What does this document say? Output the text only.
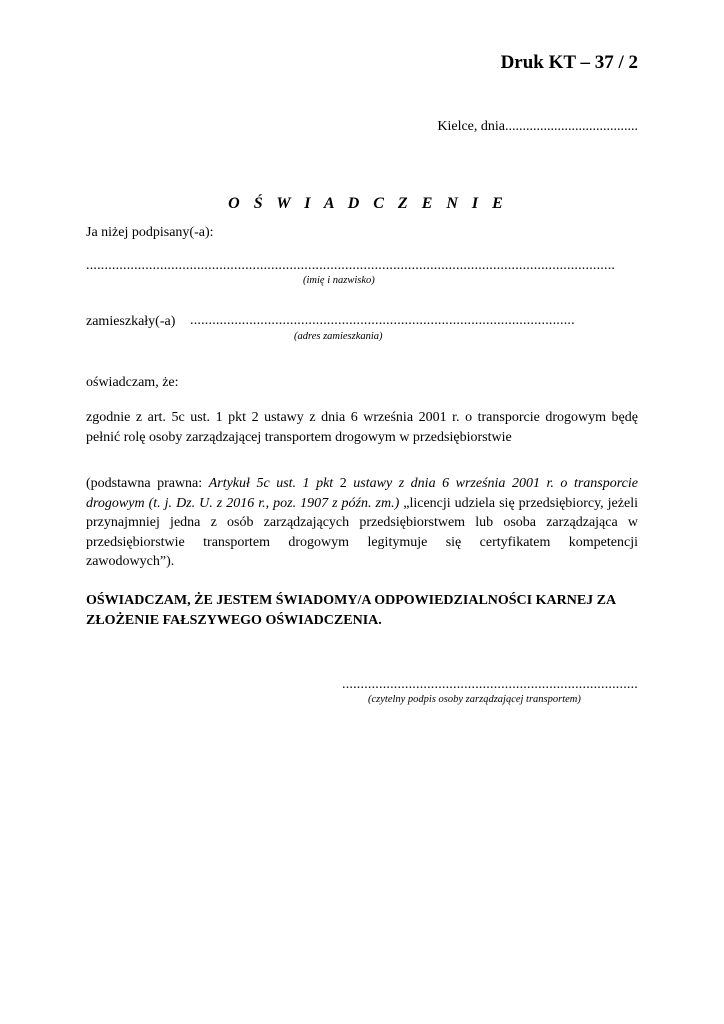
Druk KT – 37 / 2
Kielce, dnia......................................
O Ś W I A D C Z E N I E
Ja niżej podpisany(-a):
...............................................................................................................................................
(imię i nazwisko)
zamieszkały(-a) ........................................................................................................
(adres zamieszkania)
oświadczam, że:
zgodnie z art. 5c ust. 1 pkt 2 ustawy z dnia 6 września 2001 r. o transporcie drogowym będę pełnić rolę osoby zarządzającej transportem drogowym w przedsiębiorstwie
(podstawna prawna: Artykuł 5c ust. 1 pkt 2 ustawy z dnia 6 września 2001 r. o transporcie drogowym (t. j. Dz. U. z 2016 r., poz. 1907 z późn. zm.) „licencji udziela się przedsiębiorcy, jeżeli przynajmniej jedna z osób zarządzających przedsiębiorstwem lub osoba zarządzająca w przedsiębiorstwie transportem drogowym legitymuje się certyfikatem kompetencji zawodowych”).
OŚWIADCZAM, ŻE JESTEM ŚWIADOMY/A ODPOWIEDZIALNOŚCI KARNEJ ZA ZŁOŻENIE FAŁSZYWEGO OŚWIADCZENIA.
................................................................................
(czytelny podpis osoby zarządzającej transportem)
